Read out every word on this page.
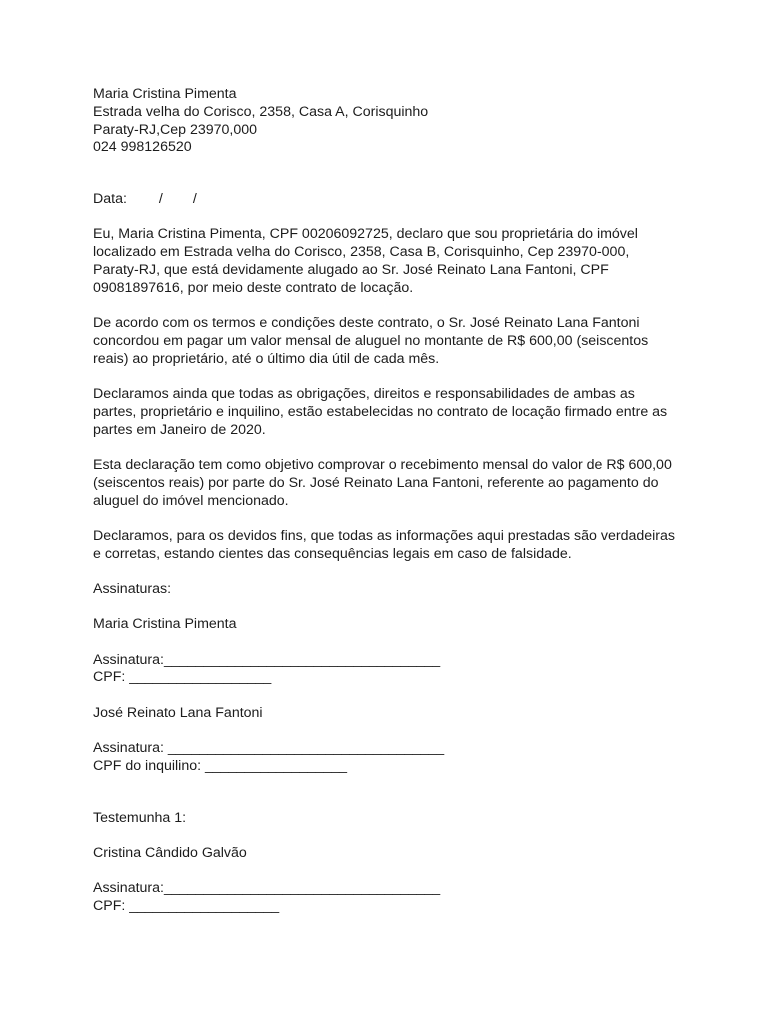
Maria Cristina Pimenta
Estrada velha do Corisco, 2358, Casa A, Corisquinho
Paraty-RJ,Cep 23970,000
024 998126520
Data: / /
Eu, Maria Cristina Pimenta, CPF 00206092725, declaro que sou proprietária do imóvel
localizado em Estrada velha do Corisco, 2358, Casa B, Corisquinho, Cep 23970-000,
Paraty-RJ, que está devidamente alugado ao Sr. José Reinato Lana Fantoni, CPF
09081897616, por meio deste contrato de locação.
De acordo com os termos e condições deste contrato, o Sr. José Reinato Lana Fantoni
concordou em pagar um valor mensal de aluguel no montante de R$ 600,00 (seiscentos
reais) ao proprietário, até o último dia útil de cada mês.
Declaramos ainda que todas as obrigações, direitos e responsabilidades de ambas as
partes, proprietário e inquilino, estão estabelecidas no contrato de locação firmado entre as
partes em Janeiro de 2020.
Esta declaração tem como objetivo comprovar o recebimento mensal do valor de R$ 600,00
(seiscentos reais) por parte do Sr. José Reinato Lana Fantoni, referente ao pagamento do
aluguel do imóvel mencionado.
Declaramos, para os devidos fins, que todas as informações aqui prestadas são verdadeiras
e corretas, estando cientes das consequências legais em caso de falsidade.
Assinaturas:
Maria Cristina Pimenta
Assinatura:___________________________________
CPF: __________________
José Reinato Lana Fantoni
Assinatura: ___________________________________
CPF do inquilino: __________________
Testemunha 1:
Cristina Cândido Galvão
Assinatura:___________________________________
CPF: ___________________
